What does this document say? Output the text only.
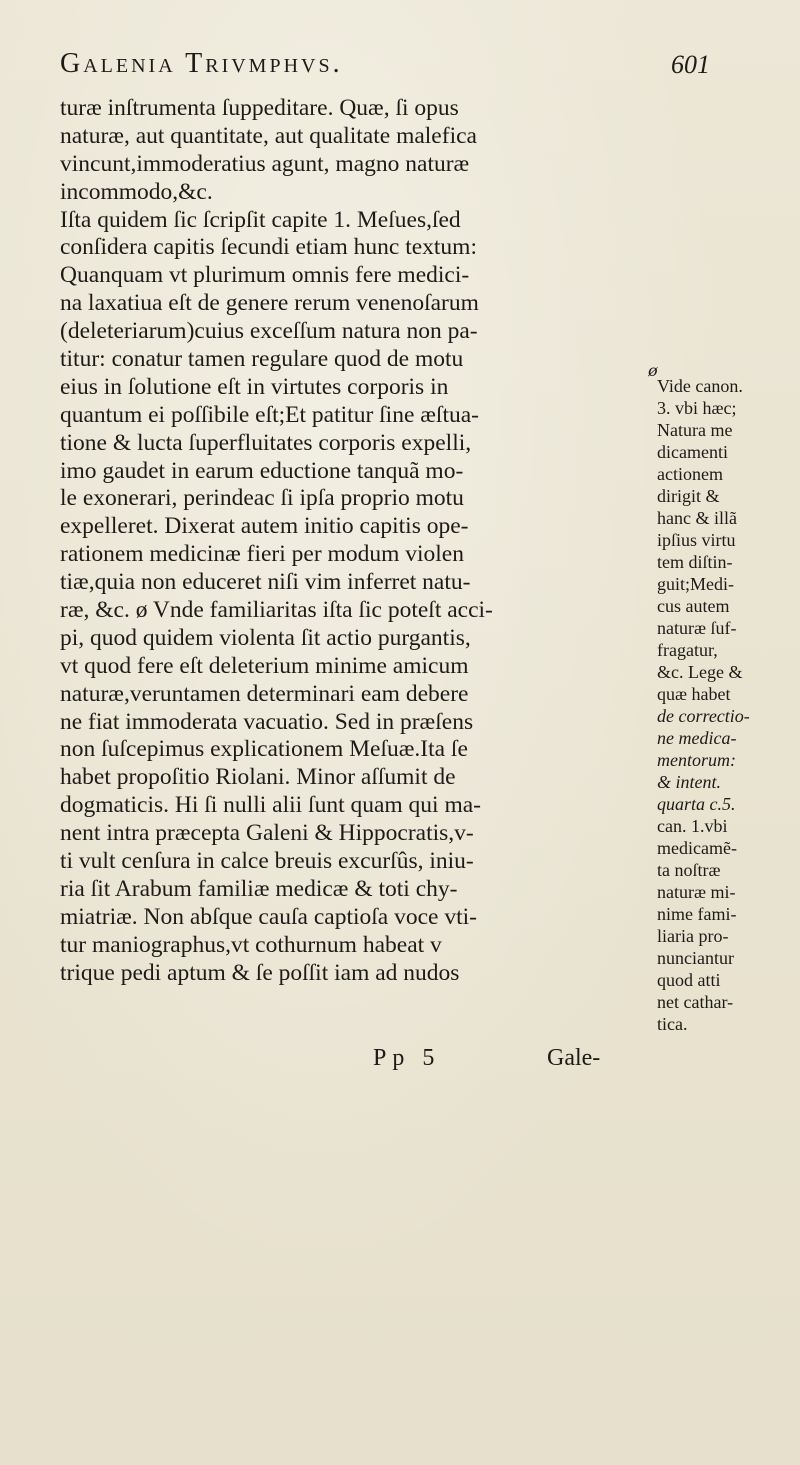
Galenia Trivmphvs.	601
turæ inſtrumenta ſuppeditare. Quæ, ſi opus
naturæ, aut quantitate, aut qualitate malefica
vincunt,immoderatius agunt, magno naturæ
incommodo,&c.
Iſta quidem ſic ſcripſit capite 1. Meſues,ſed
conſidera capitis ſecundi etiam hunc textum:
Quanquam vt plurimum omnis fere medici-
na laxatiua eſt de genere rerum venenoſarum
(deleteriarum)cuius exceſſum natura non pa-
titur: conatur tamen regulare quod de motu
eius in ſolutione eſt in virtutes corporis in
quantum ei poſſibile eſt;Et patitur ſine æſtua-
tione & lucta ſuperfluitates corporis expelli,
imo gaudet in earum eductione tanquã mo-
le exonerari, perindeac ſi ipſa proprio motu
expelleret. Dixerat autem initio capitis ope-
rationem medicinæ fieri per modum violen
tiæ,quia non educeret niſi vim inferret natu-
ræ, &c. ø Vnde familiaritas iſta ſic poteſt acci-
pi, quod quidem violenta ſit actio purgantis,
vt quod fere eſt deleterium minime amicum
naturæ,veruntamen determinari eam debere
ne fiat immoderata vacuatio. Sed in præſens
non ſuſcepimus explicationem Meſuæ.Ita ſe
habet propoſitio Riolani. Minor aſſumit de
dogmaticis. Hi ſi nulli alii ſunt quam qui ma-
nent intra præcepta Galeni & Hippocratis,v-
ti vult cenſura in calce breuis excurſûs, iniu-
ria ſit Arabum familiæ medicæ & toti chy-
miatriæ. Non abſque cauſa captioſa voce vti-
tur maniographus,vt cothurnum habeat v
trique pedi aptum & ſe poſſit iam ad nudos
ø
Vide canon.
3. vbi hæc;
Natura me
dicamenti
actionem
dirigit &
hanc & illã
ipſius virtu
tem diſtin-
guit;Medi-
cus autem
naturæ ſuf-
fragatur,
&c. Lege &
quæ habet
de correctio-
ne medica-
mentorum:
& intent.
quarta c.5.
can. 1.vbi
medicamẽ-
ta noſtræ
naturæ mi-
nime fami-
liaria pro-
nunciantur
quod atti
net cathar-
tica.
Pp 5	Gale-
